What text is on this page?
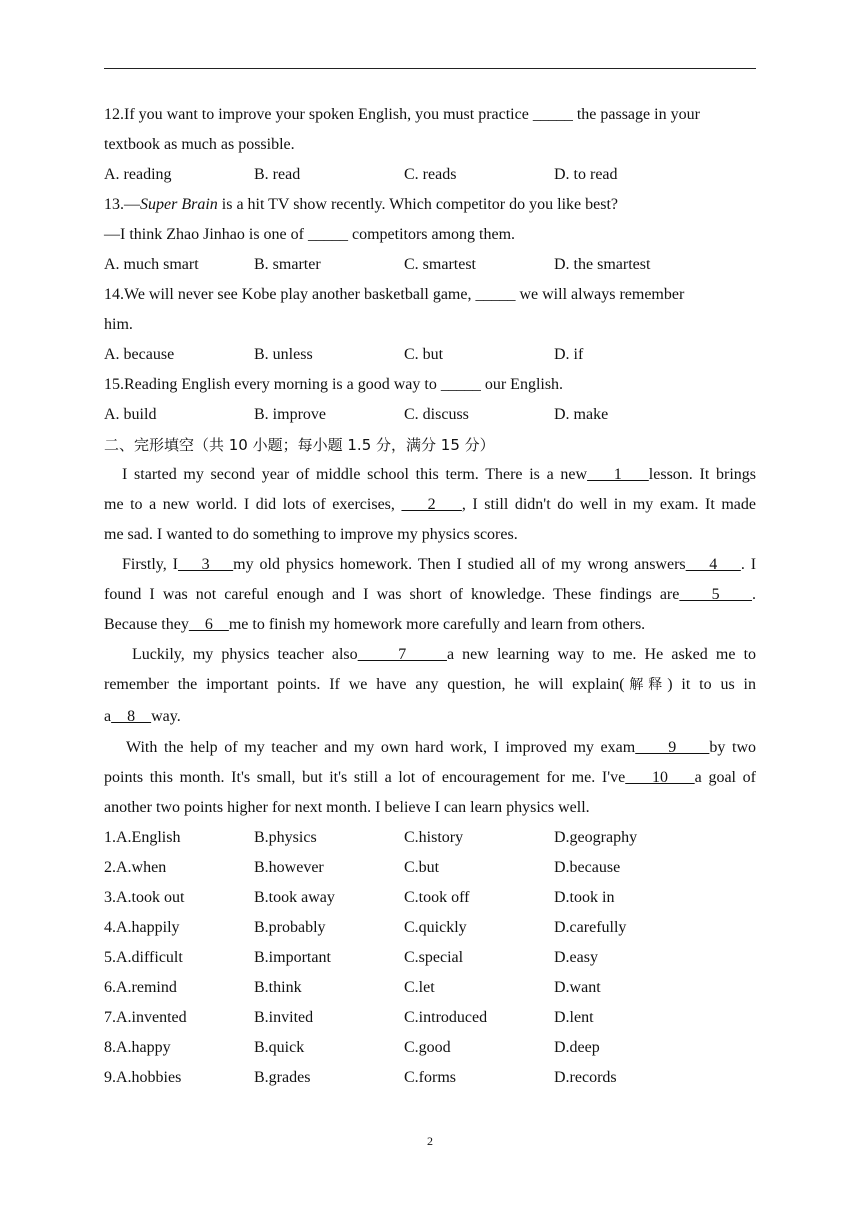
12.If you want to improve your spoken English, you must practice _____ the passage in your
textbook as much as possible.
A. reading	B. read	C. reads	D. to read
13.—Super Brain is a hit TV show recently. Which competitor do you like best?
—I think Zhao Jinhao is one of _____ competitors among them.
A. much smart	B. smarter	C. smartest	D. the smartest
14.We will never see Kobe play another basketball game, _____ we will always remember
him.
A. because	B. unless	C. but	D. if
15.Reading English every morning is a good way to _____ our English.
A. build	B. improve	C. discuss	D. make
二、完形填空（共 10 小题；每小题 1.5 分，满分 15 分）
I started my second year of middle school this term. There is a new    1    lesson. It brings
me to a new world. I did lots of exercises,     2    , I still didn't do well in my exam. It made
me sad. I wanted to do something to improve my physics scores.
Firstly, I    3    my old physics homework. Then I studied all of my wrong answers    4    . I
found I was not careful enough and I was short of knowledge. These findings are    5    .
Because they    6    me to finish my homework more carefully and learn from others.
Luckily, my physics teacher also     7     a new learning way to me. He asked me to
remember the important points. If we have any question, he will explain(解释) it to us in
a    8    way.
With the help of my teacher and my own hard work, I improved my exam     9     by two
points this month. It's small, but it's still a lot of encouragement for me. I've    10    a goal of
another two points higher for next month. I believe I can learn physics well.
1.A.English	B.physics	C.history	D.geography
2.A.when	B.however	C.but	D.because
3.A.took out	B.took away	C.took off	D.took in
4.A.happily	B.probably	C.quickly	D.carefully
5.A.difficult	B.important	C.special	D.easy
6.A.remind	B.think	C.let	D.want
7.A.invented	B.invited	C.introduced	D.lent
8.A.happy	B.quick	C.good	D.deep
9.A.hobbies	B.grades	C.forms	D.records
2
